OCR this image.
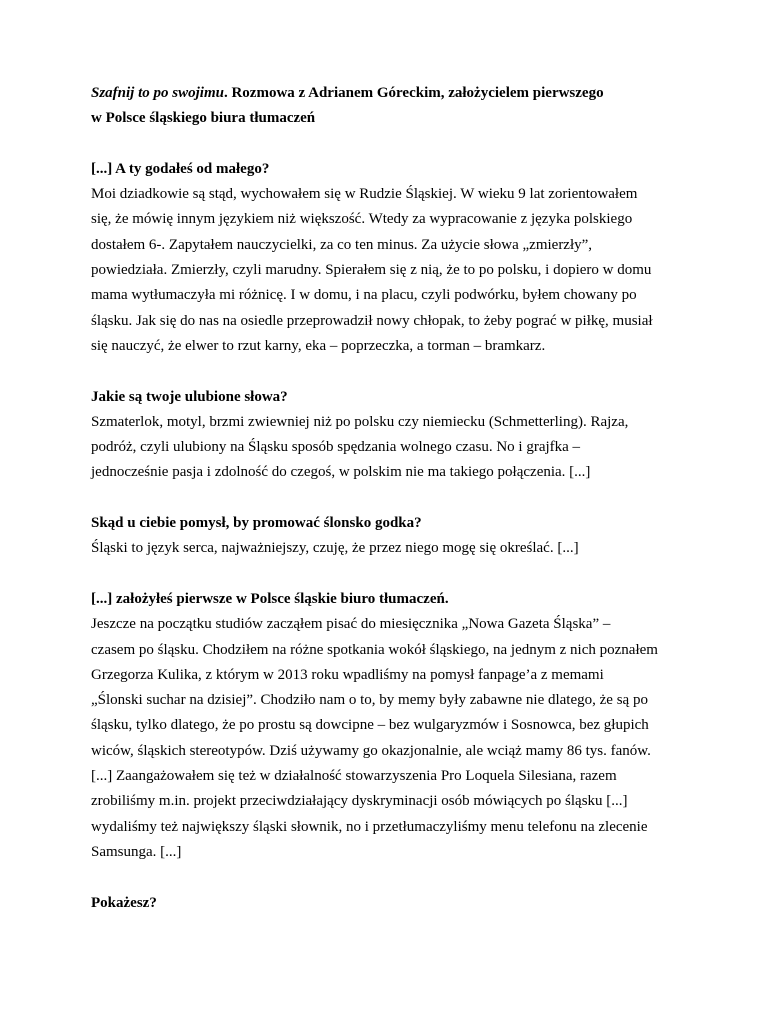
Szafnij to po swojimu. Rozmowa z Adrianem Góreckim, założycielem pierwszego
w Polsce śląskiego biura tłumaczeń
[...] A ty godałeś od małego?
Moi dziadkowie są stąd, wychowałem się w Rudzie Śląskiej. W wieku 9 lat zorientowałem
się, że mówię innym językiem niż większość. Wtedy za wypracowanie z języka polskiego
dostałem 6-. Zapytałem nauczycielki, za co ten minus. Za użycie słowa „zmierzły”,
powiedziała. Zmierzły, czyli marudny. Spierałem się z nią, że to po polsku, i dopiero w domu
mama wytłumaczyła mi różnicę. I w domu, i na placu, czyli podwórku, byłem chowany po
śląsku. Jak się do nas na osiedle przeprowadził nowy chłopak, to żeby pograć w piłkę, musiał
się nauczyć, że elwer to rzut karny, eka – poprzeczka, a torman – bramkarz.
Jakie są twoje ulubione słowa?
Szmaterlok, motyl, brzmi zwiewniej niż po polsku czy niemiecku (Schmetterling). Rajza,
podróż, czyli ulubiony na Śląsku sposób spędzania wolnego czasu. No i grajfka –
jednocześnie pasja i zdolność do czegoś, w polskim nie ma takiego połączenia. [...]
Skąd u ciebie pomysł, by promować ślonsko godka?
Śląski to język serca, najważniejszy, czuję, że przez niego mogę się określać. [...]
[...] założyłeś pierwsze w Polsce śląskie biuro tłumaczeń.
Jeszcze na początku studiów zacząłem pisać do miesięcznika „Nowa Gazeta Śląska” –
czasem po śląsku. Chodziłem na różne spotkania wokół śląskiego, na jednym z nich poznałem
Grzegorza Kulika, z którym w 2013 roku wpadliśmy na pomysł fanpage’a z memami
„Ślonski suchar na dzisiej”. Chodziło nam o to, by memy były zabawne nie dlatego, że są po
śląsku, tylko dlatego, że po prostu są dowcipne – bez wulgaryzmów i Sosnowca, bez głupich
wiców, śląskich stereotypów. Dziś używamy go okazjonalnie, ale wciąż mamy 86 tys. fanów.
[...] Zaangażowałem się też w działalność stowarzyszenia Pro Loquela Silesiana, razem
zrobiliśmy m.in. projekt przeciwdziałający dyskryminacji osób mówiących po śląsku [...]
wydaliśmy też największy śląski słownik, no i przetłumaczyliśmy menu telefonu na zlecenie
Samsunga. [...]
Pokażesz?
